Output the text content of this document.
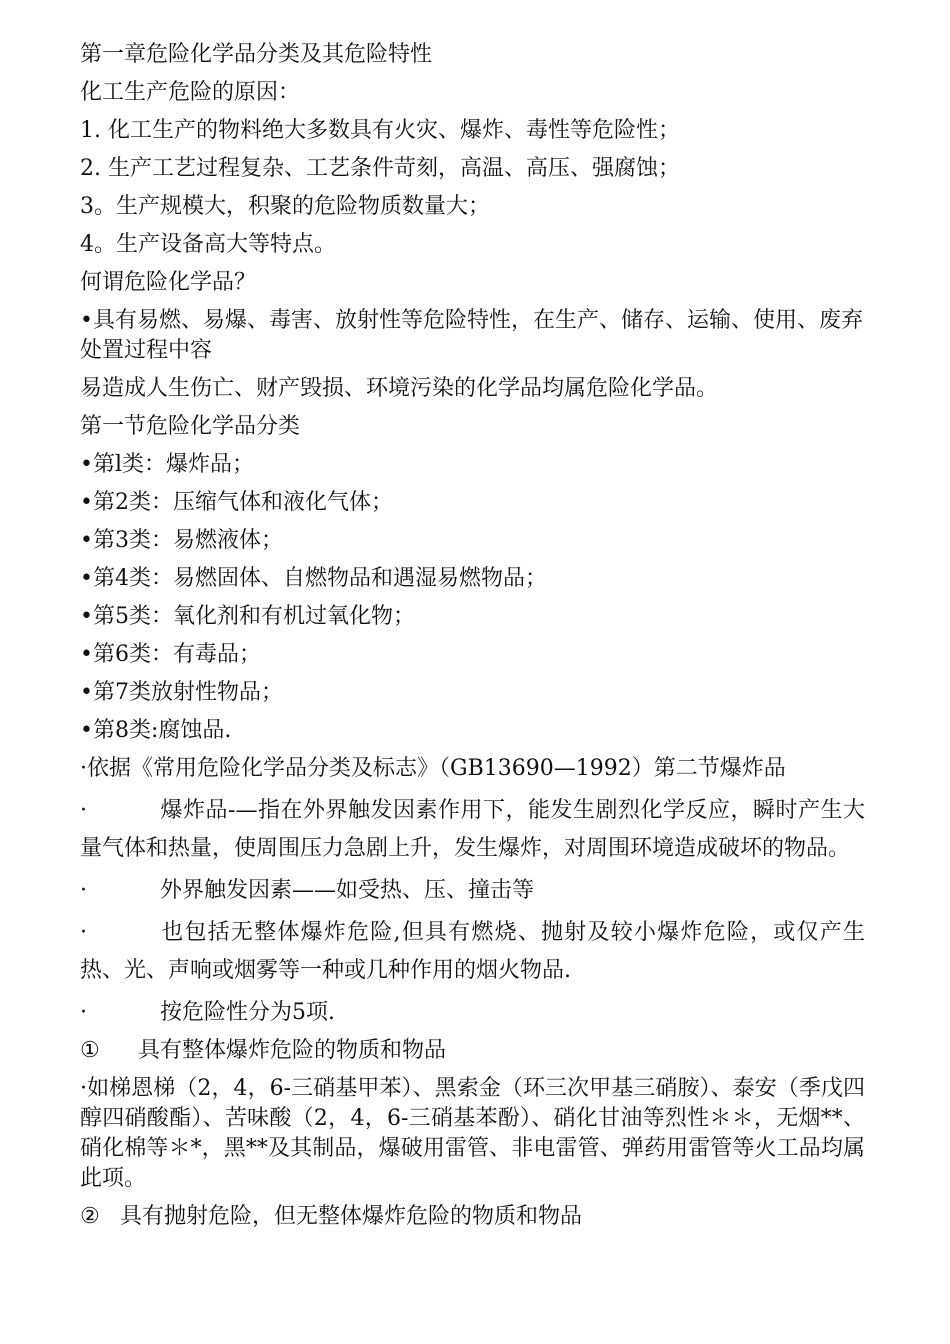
第一章危险化学品分类及其危险特性

化工生产危险的原因：

1. 化工生产的物料绝大多数具有火灾、爆炸、毒性等危险性；

2. 生产工艺过程复杂、工艺条件苛刻，高温、高压、强腐蚀；

3。生产规模大，积聚的危险物质数量大；

4。生产设备高大等特点。

何谓危险化学品？

•具有易燃、易爆、毒害、放射性等危险特性，在生产、储存、运输、使用、废弃处置过程中容

易造成人生伤亡、财产毁损、环境污染的化学品均属危险化学品。

第一节危险化学品分类

•第l类：爆炸品；

•第2类：压缩气体和液化气体；

•第3类：易燃液体；

•第4类：易燃固体、自燃物品和遇湿易燃物品；

•第5类：氧化剂和有机过氧化物；

•第6类：有毒品；

•第7类放射性物品；

•第8类:腐蚀品.

·依据《常用危险化学品分类及标志》（GB13690—1992）第二节爆炸品

·	爆炸品-—指在外界触发因素作用下，能发生剧烈化学反应，瞬时产生大量气体和热量，使周围压力急剧上升，发生爆炸，对周围环境造成破坏的物品。

·	外界触发因素——如受热、压、撞击等

·	也包括无整体爆炸危险,但具有燃烧、抛射及较小爆炸危险，或仅产生热、光、声响或烟雾等一种或几种作用的烟火物品.

·	按危险性分为5项.

① 具有整体爆炸危险的物质和物品

·如梯恩梯（2，4，6-三硝基甲苯）、黑索金（环三次甲基三硝胺）、泰安（季戊四醇四硝酸酯）、苦味酸（2，4，6-三硝基苯酚）、硝化甘油等烈性＊＊，无烟**、硝化棉等＊*，黑**及其制品，爆破用雷管、非电雷管、弹药用雷管等火工品均属此项。

② 具有抛射危险，但无整体爆炸危险的物质和物品
